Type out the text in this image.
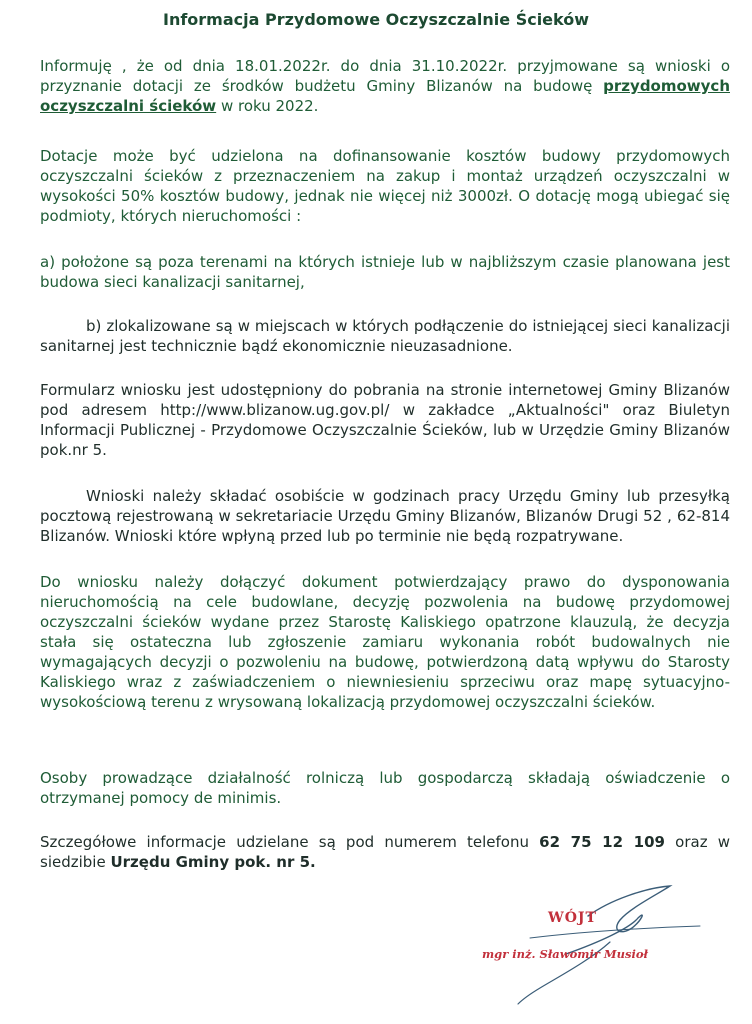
Informacja Przydomowe Oczyszczalnie Ścieków

Informuję , że od dnia 18.01.2022r. do dnia 31.10.2022r. przyjmowane są wnioski o przyznanie dotacji ze środków budżetu Gminy Blizanów na budowę przydomowych oczyszczalni ścieków w roku 2022.

Dotacje może być udzielona na dofinansowanie kosztów budowy przydomowych oczyszczalni ścieków z przeznaczeniem na zakup i montaż urządzeń oczyszczalni w wysokości 50% kosztów budowy, jednak nie więcej niż 3000zł. O dotację mogą ubiegać się podmioty, których nieruchomości :

a) położone są poza terenami na których istnieje lub w najbliższym czasie planowana jest budowa sieci kanalizacji sanitarnej,

b) zlokalizowane są w miejscach w których podłączenie do istniejącej sieci kanalizacji sanitarnej jest technicznie bądź ekonomicznie nieuzasadnione.

Formularz wniosku jest udostępniony do pobrania na stronie internetowej Gminy Blizanów pod adresem http://www.blizanow.ug.gov.pl/ w zakładce „Aktualności" oraz Biuletyn Informacji Publicznej - Przydomowe Oczyszczalnie Ścieków, lub w Urzędzie Gminy Blizanów pok.nr 5.

Wnioski należy składać osobiście w godzinach pracy Urzędu Gminy lub przesyłką pocztową rejestrowaną w sekretariacie Urzędu Gminy Blizanów, Blizanów Drugi 52 , 62-814 Blizanów. Wnioski które wpłyną przed lub po terminie nie będą rozpatrywane.

Do wniosku należy dołączyć dokument potwierdzający prawo do dysponowania nieruchomością na cele budowlane, decyzję pozwolenia na budowę przydomowej oczyszczalni ścieków wydane przez Starostę Kaliskiego opatrzone klauzulą, że decyzja stała się ostateczna lub zgłoszenie zamiaru wykonania robót budowalnych nie wymagających decyzji o pozwoleniu na budowę, potwierdzoną datą wpływu do Starosty Kaliskiego wraz z zaświadczeniem o niewniesieniu sprzeciwu oraz mapę sytuacyjno-wysokościową terenu z wrysowaną lokalizacją przydomowej oczyszczalni ścieków.

Osoby prowadzące działalność rolniczą lub gospodarczą składają oświadczenie o otrzymanej pomocy de minimis.

Szczegółowe informacje udzielane są pod numerem telefonu 62 75 12 109 oraz w siedzibie Urzędu Gminy pok. nr 5.

WÓJT
mgr inż. Sławomir Musioł
